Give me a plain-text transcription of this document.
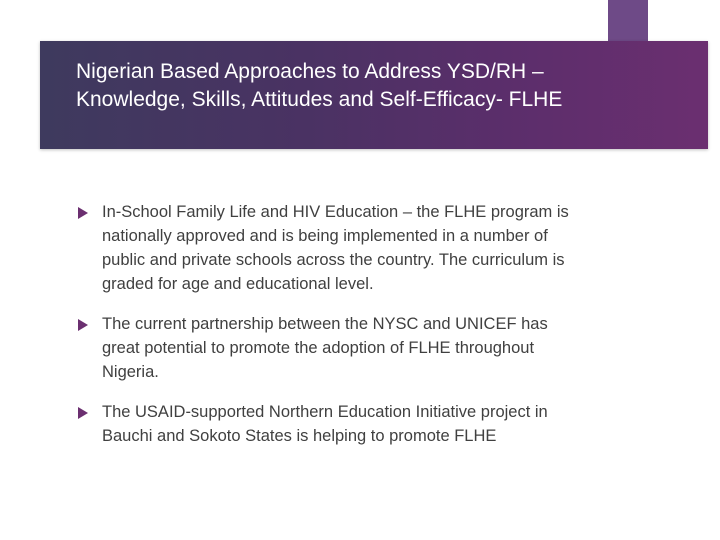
Nigerian Based Approaches to Address YSD/RH – Knowledge, Skills, Attitudes and Self-Efficacy- FLHE
In-School Family Life and HIV Education – the FLHE program is nationally approved and is being implemented in a number of public and private schools across the country. The curriculum is graded for age and educational level.
The current partnership between the NYSC and UNICEF has great potential to promote the adoption of FLHE throughout Nigeria.
The USAID-supported Northern Education Initiative project in Bauchi and Sokoto States is helping to promote FLHE
